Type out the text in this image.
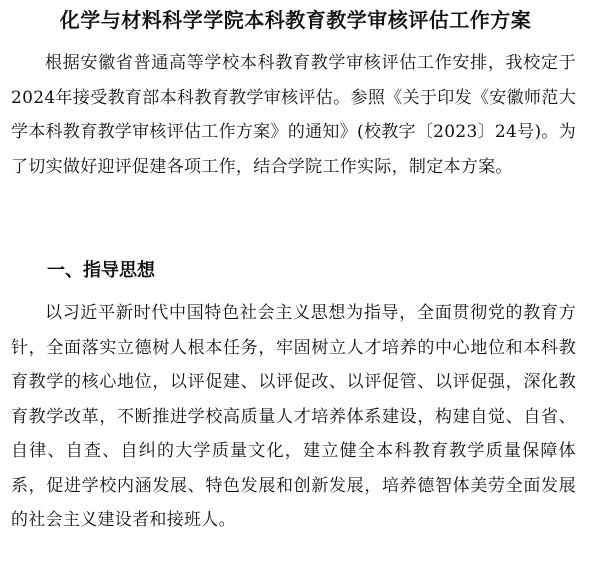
化学与材料科学学院本科教育教学审核评估工作方案

根据安徽省普通高等学校本科教育教学审核评估工作安排，我校定于2024年接受教育部本科教育教学审核评估。参照《关于印发《安徽师范大学本科教育教学审核评估工作方案》的通知》(校教字〔2023〕24号)。为了切实做好迎评促建各项工作，结合学院工作实际，制定本方案。

一、指导思想

以习近平新时代中国特色社会主义思想为指导，全面贯彻党的教育方针，全面落实立德树人根本任务，牢固树立人才培养的中心地位和本科教育教学的核心地位，以评促建、以评促改、以评促管、以评促强，深化教育教学改革，不断推进学校高质量人才培养体系建设，构建自觉、自省、自律、自查、自纠的大学质量文化，建立健全本科教育教学质量保障体系，促进学校内涵发展、特色发展和创新发展，培养德智体美劳全面发展的社会主义建设者和接班人。
